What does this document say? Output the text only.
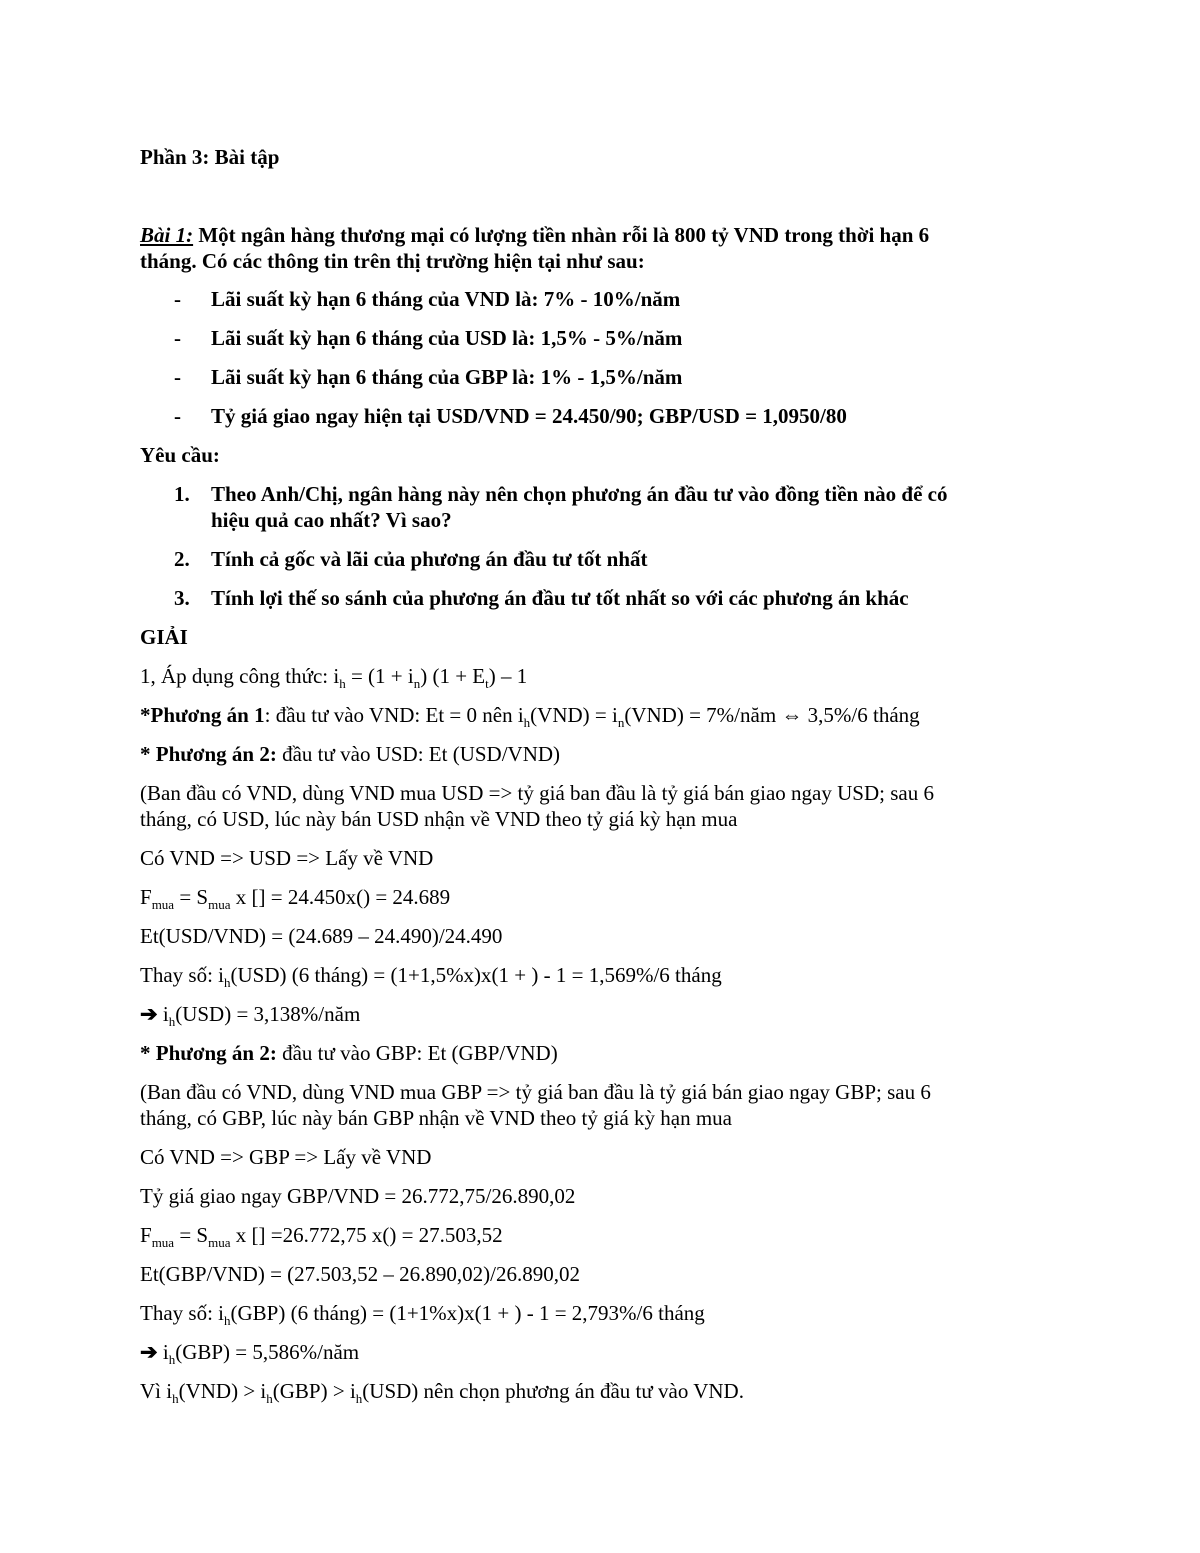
Phần 3: Bài tập
Bài 1: Một ngân hàng thương mại có lượng tiền nhàn rỗi là 800 tỷ VND trong thời hạn 6
tháng. Có các thông tin trên thị trường hiện tại như sau:
- Lãi suất kỳ hạn 6 tháng của VND là: 7% - 10%/năm
- Lãi suất kỳ hạn 6 tháng của USD là: 1,5% - 5%/năm
- Lãi suất kỳ hạn 6 tháng của GBP là: 1% - 1,5%/năm
- Tỷ giá giao ngay hiện tại USD/VND = 24.450/90; GBP/USD = 1,0950/80
Yêu cầu:
1. Theo Anh/Chị, ngân hàng này nên chọn phương án đầu tư vào đồng tiền nào để có
hiệu quả cao nhất? Vì sao?
2. Tính cả gốc và lãi của phương án đầu tư tốt nhất
3. Tính lợi thế so sánh của phương án đầu tư tốt nhất so với các phương án khác
GIẢI
1, Áp dụng công thức: $i_h = (1 + i_n) (1 + E_t) - 1$
*Phương án 1: đầu tư vào VND: Et = 0 nên $i_h(VND) = i_n(VND)$ = 7%/năm ⇔ 3,5%/6 tháng
* Phương án 2: đầu tư vào USD: Et (USD/VND)
(Ban đầu có VND, dùng VND mua USD => tỷ giá ban đầu là tỷ giá bán giao ngay USD; sau 6
tháng, có USD, lúc này bán USD nhận về VND theo tỷ giá kỳ hạn mua
Có VND => USD => Lấy về VND
$F_{mua} = S_{mua}$ x [] = 24.450x() = 24.689
Et(USD/VND) = (24.689 – 24.490)/24.490
Thay số: $i_h(USD)$ (6 tháng) = (1+1,5%x)x(1 + ) - 1 = 1,569%/6 tháng
➔ $i_h(USD)$ = 3,138%/năm
* Phương án 2: đầu tư vào GBP: Et (GBP/VND)
(Ban đầu có VND, dùng VND mua GBP => tỷ giá ban đầu là tỷ giá bán giao ngay GBP; sau 6
tháng, có GBP, lúc này bán GBP nhận về VND theo tỷ giá kỳ hạn mua
Có VND => GBP => Lấy về VND
Tỷ giá giao ngay GBP/VND = 26.772,75/26.890,02
$F_{mua} = S_{mua}$ x [] =26.772,75 x() = 27.503,52
Et(GBP/VND) = (27.503,52 – 26.890,02)/26.890,02
Thay số: $i_h(GBP)$ (6 tháng) = (1+1%x)x(1 + ) - 1 = 2,793%/6 tháng
➔ $i_h(GBP)$ = 5,586%/năm
Vì $i_h(VND) > i_h(GBP) > i_h(USD)$ nên chọn phương án đầu tư vào VND.
